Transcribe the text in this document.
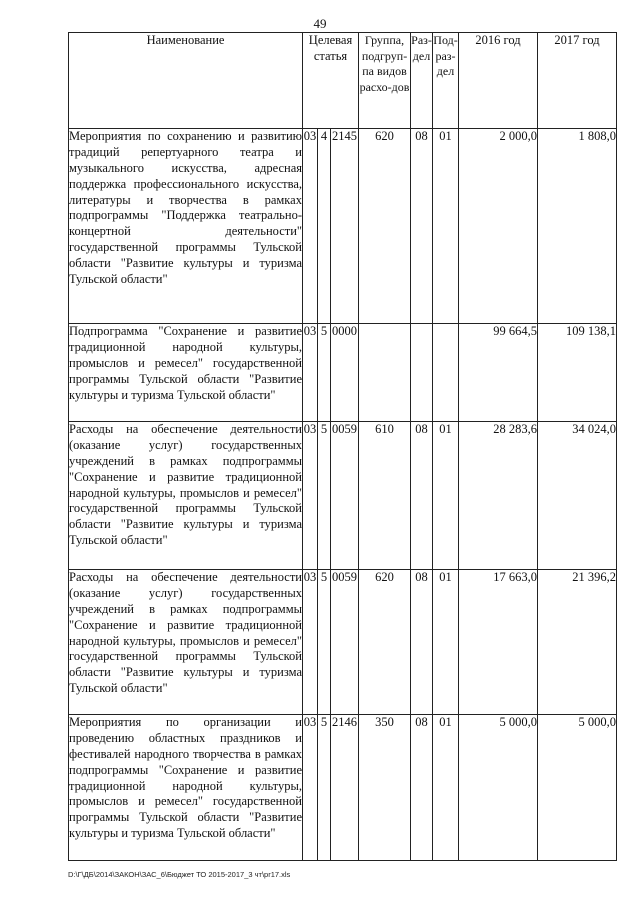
49
Наименование	Целевая статья			Группа, подгруп-па видов расхо-дов	Раз-дел	Под-раз-дел	2016 год	2017 год
Мероприятия по сохранению и развитию традиций репертуарного театра и музыкального искусства, адресная поддержка профессионального искусства, литературы и творчества в рамках подпрограммы "Поддержка театрально-концертной деятельности" государственной программы Тульской области "Развитие культуры и туризма Тульской области"	03	4	2145	620	08	01	2 000,0	1 808,0
Подпрограмма "Сохранение и развитие традиционной народной культуры, промыслов и ремесел" государственной программы Тульской области "Развитие культуры и туризма Тульской области"	03	5	0000				99 664,5	109 138,1
Расходы на обеспечение деятельности (оказание услуг) государственных учреждений в рамках подпрограммы "Сохранение и развитие традиционной народной культуры, промыслов и ремесел" государственной программы Тульской области "Развитие культуры и туризма Тульской области"	03	5	0059	610	08	01	28 283,6	34 024,0
Расходы на обеспечение деятельности (оказание услуг) государственных учреждений в рамках подпрограммы "Сохранение и развитие традиционной народной культуры, промыслов и ремесел" государственной программы Тульской области "Развитие культуры и туризма Тульской области"	03	5	0059	620	08	01	17 663,0	21 396,2
Мероприятия по организации и проведению областных праздников и фестивалей народного творчества в рамках подпрограммы "Сохранение и развитие традиционной народной культуры, промыслов и ремесел" государственной программы Тульской области "Развитие культуры и туризма Тульской области"	03	5	2146	350	08	01	5 000,0	5 000,0
D:\Г\ДБ\2014\ЗАКОН\ЗАС_6\Бюджет ТО 2015-2017_3 чт\pr17.xls
